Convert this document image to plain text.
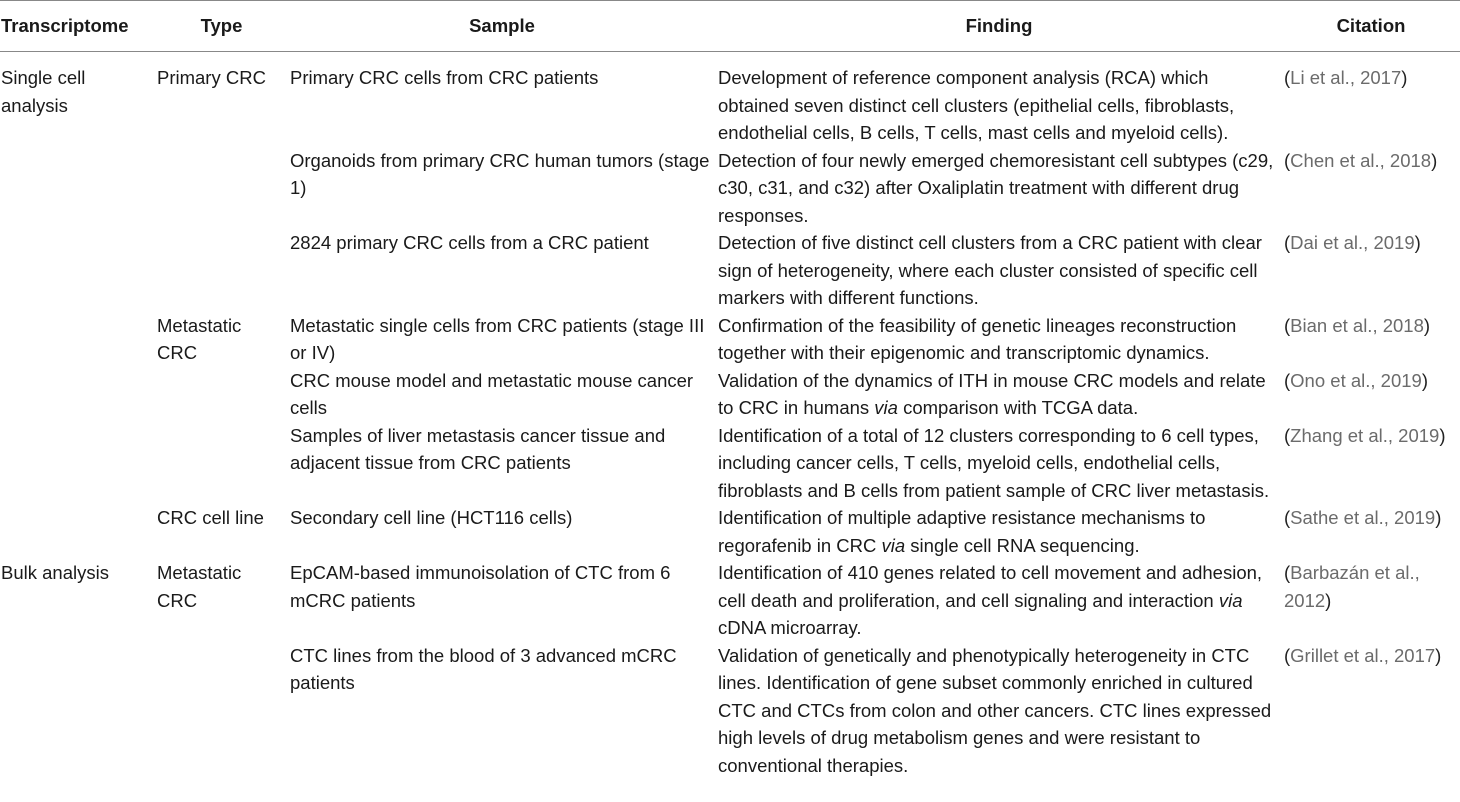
Transcriptome	Type	Sample	Finding	Citation
Single cell analysis	Primary CRC	Primary CRC cells from CRC patients	Development of reference component analysis (RCA) which obtained seven distinct cell clusters (epithelial cells, fibroblasts, endothelial cells, B cells, T cells, mast cells and myeloid cells).	(Li et al., 2017)
		Organoids from primary CRC human tumors (stage 1)	Detection of four newly emerged chemoresistant cell subtypes (c29, c30, c31, and c32) after Oxaliplatin treatment with different drug responses.	(Chen et al., 2018)
		2824 primary CRC cells from a CRC patient	Detection of five distinct cell clusters from a CRC patient with clear sign of heterogeneity, where each cluster consisted of specific cell markers with different functions.	(Dai et al., 2019)
	Metastatic CRC	Metastatic single cells from CRC patients (stage III or IV)	Confirmation of the feasibility of genetic lineages reconstruction together with their epigenomic and transcriptomic dynamics.	(Bian et al., 2018)
		CRC mouse model and metastatic mouse cancer cells	Validation of the dynamics of ITH in mouse CRC models and relate to CRC in humans via comparison with TCGA data.	(Ono et al., 2019)
		Samples of liver metastasis cancer tissue and adjacent tissue from CRC patients	Identification of a total of 12 clusters corresponding to 6 cell types, including cancer cells, T cells, myeloid cells, endothelial cells, fibroblasts and B cells from patient sample of CRC liver metastasis.	(Zhang et al., 2019)
	CRC cell line	Secondary cell line (HCT116 cells)	Identification of multiple adaptive resistance mechanisms to regorafenib in CRC via single cell RNA sequencing.	(Sathe et al., 2019)
Bulk analysis	Metastatic CRC	EpCAM-based immunoisolation of CTC from 6 mCRC patients	Identification of 410 genes related to cell movement and adhesion, cell death and proliferation, and cell signaling and interaction via cDNA microarray.	(Barbazán et al., 2012)
		CTC lines from the blood of 3 advanced mCRC patients	Validation of genetically and phenotypically heterogeneity in CTC lines. Identification of gene subset commonly enriched in cultured CTC and CTCs from colon and other cancers. CTC lines expressed high levels of drug metabolism genes and were resistant to conventional therapies.	(Grillet et al., 2017)
